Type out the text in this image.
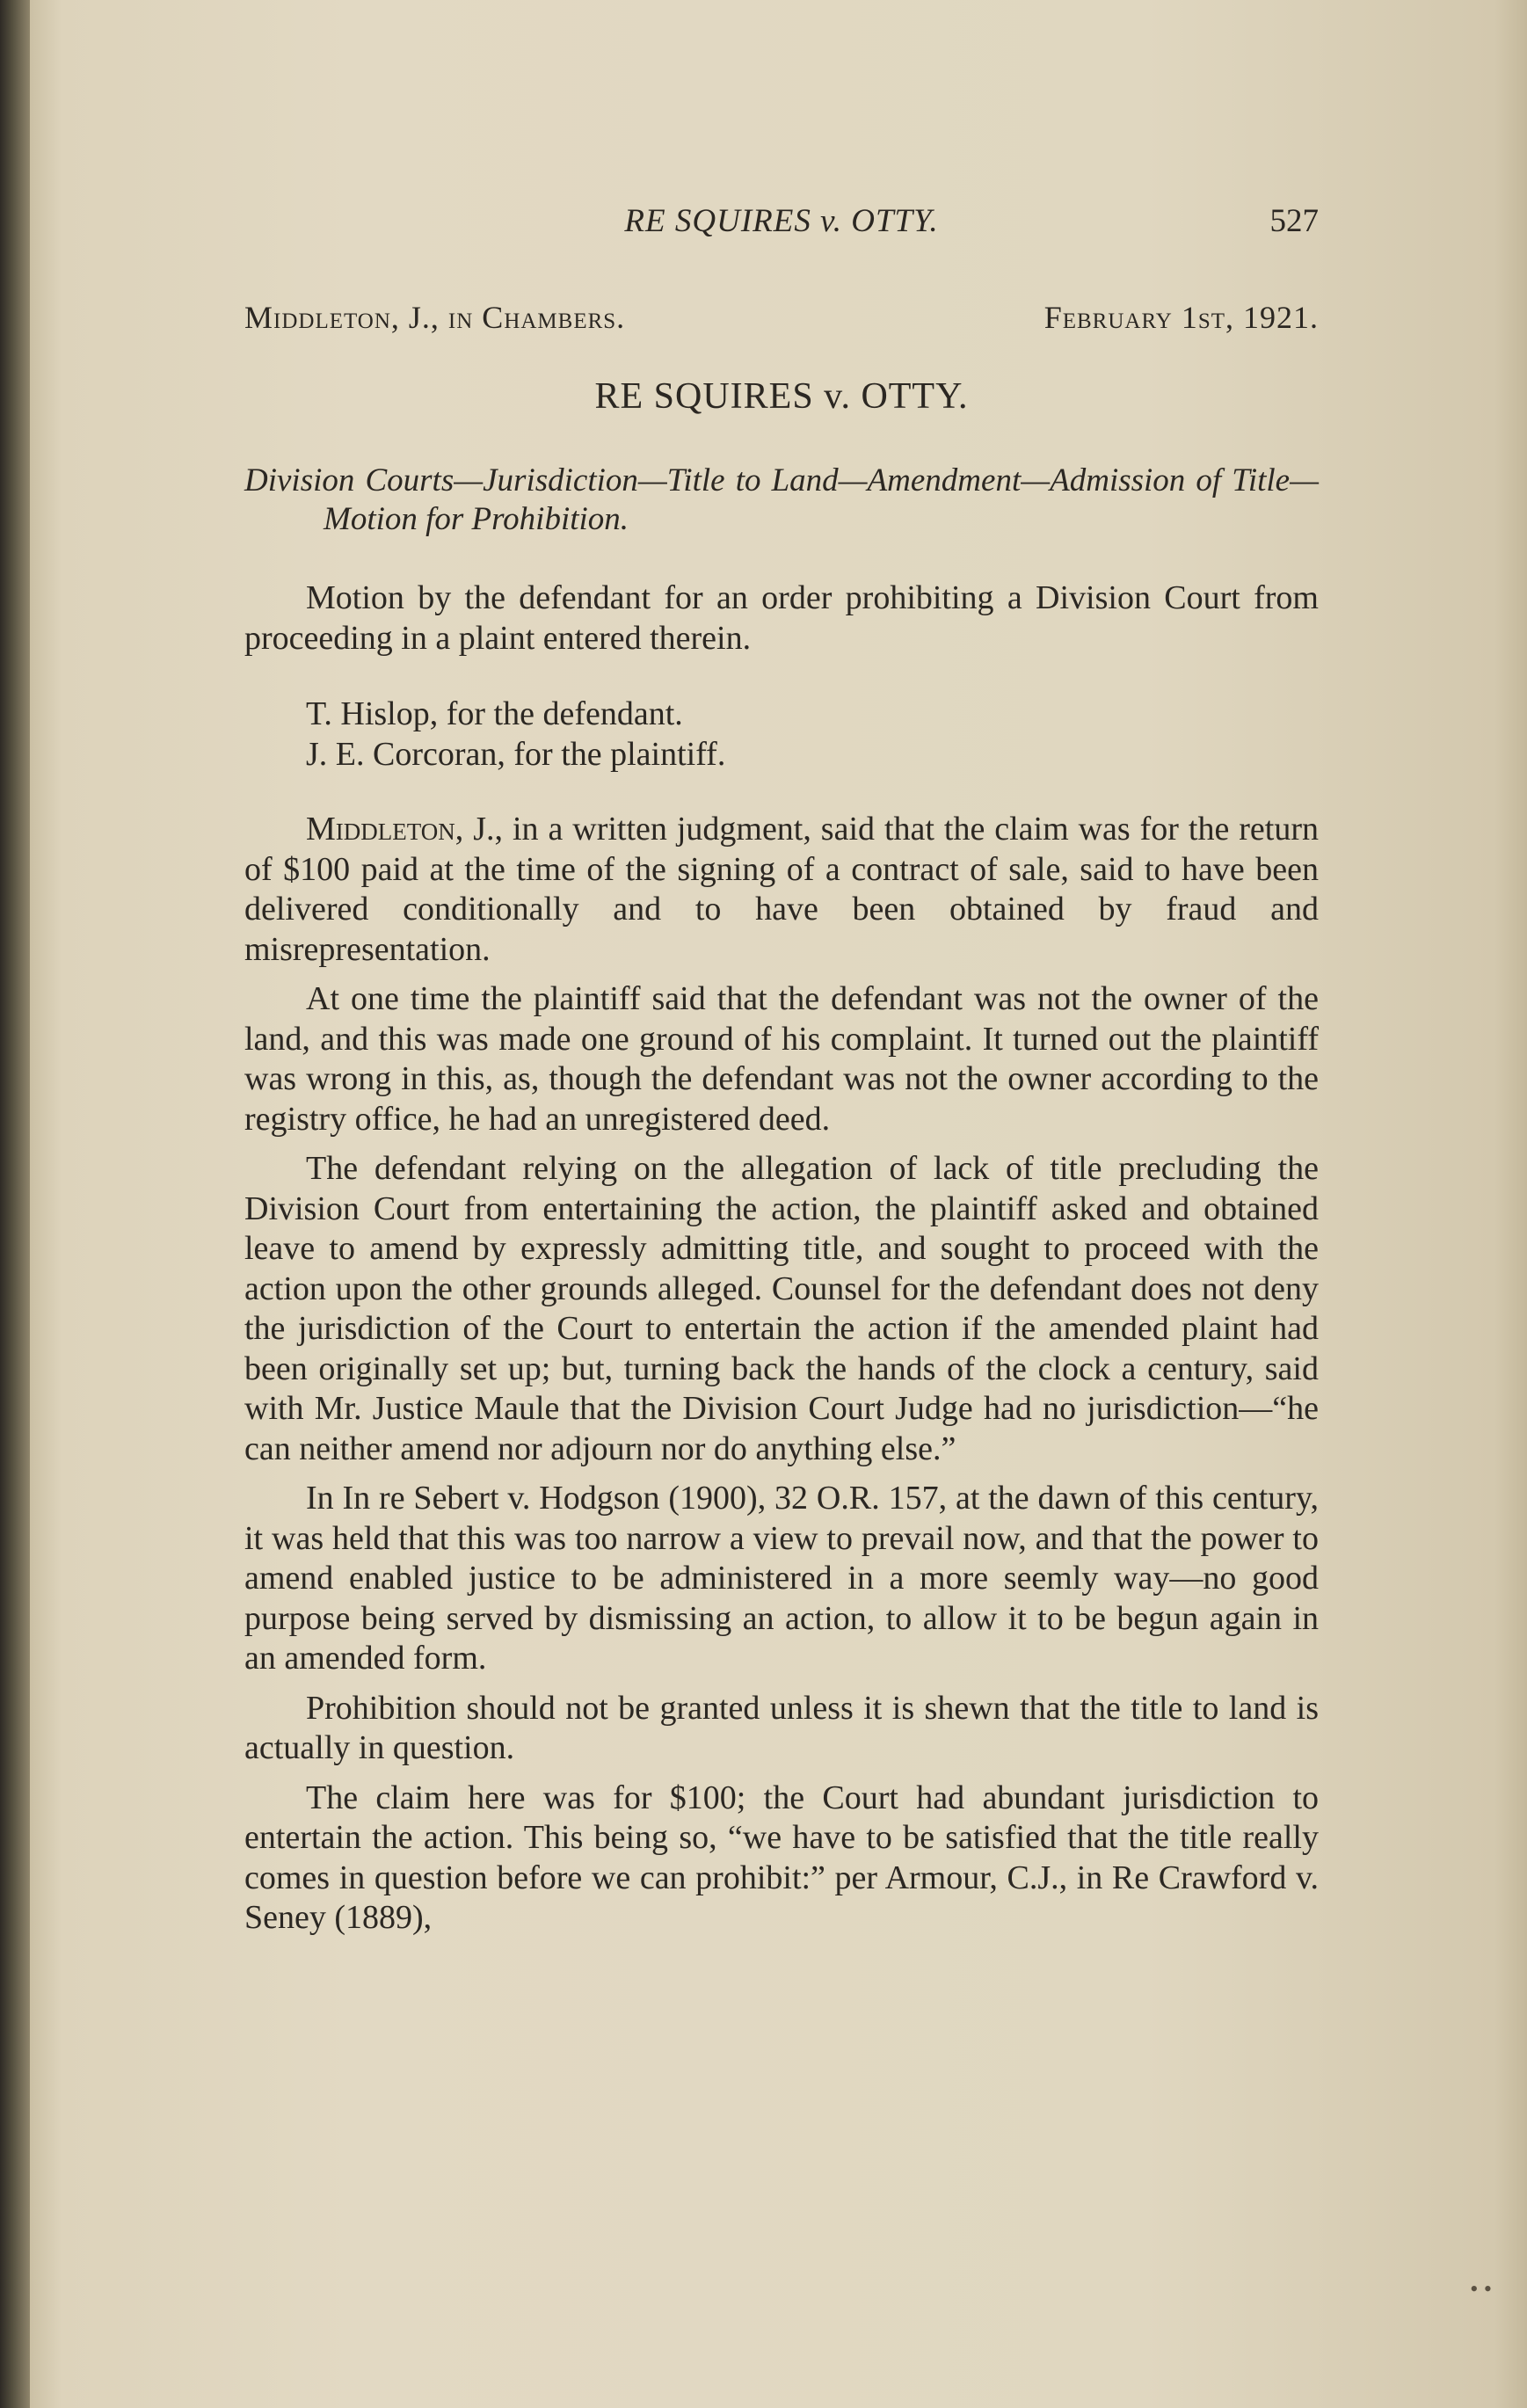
RE SQUIRES v. OTTY.	527
Middleton, J., in Chambers.	February 1st, 1921.
RE SQUIRES v. OTTY.

Division Courts—Jurisdiction—Title to Land—Amendment—Admission of Title—Motion for Prohibition.

Motion by the defendant for an order prohibiting a Division Court from proceeding in a plaint entered therein.

T. Hislop, for the defendant.
J. E. Corcoran, for the plaintiff.

Middleton, J., in a written judgment, said that the claim was for the return of $100 paid at the time of the signing of a contract of sale, said to have been delivered conditionally and to have been obtained by fraud and misrepresentation.

At one time the plaintiff said that the defendant was not the owner of the land, and this was made one ground of his complaint. It turned out the plaintiff was wrong in this, as, though the defendant was not the owner according to the registry office, he had an unregistered deed.

The defendant relying on the allegation of lack of title precluding the Division Court from entertaining the action, the plaintiff asked and obtained leave to amend by expressly admitting title, and sought to proceed with the action upon the other grounds alleged. Counsel for the defendant does not deny the jurisdiction of the Court to entertain the action if the amended plaint had been originally set up; but, turning back the hands of the clock a century, said with Mr. Justice Maule that the Division Court Judge had no jurisdiction—“he can neither amend nor adjourn nor do anything else.”

In In re Sebert v. Hodgson (1900), 32 O.R. 157, at the dawn of this century, it was held that this was too narrow a view to prevail now, and that the power to amend enabled justice to be administered in a more seemly way—no good purpose being served by dismissing an action, to allow it to be begun again in an amended form.

Prohibition should not be granted unless it is shewn that the title to land is actually in question.

The claim here was for $100; the Court had abundant jurisdiction to entertain the action. This being so, “we have to be satisfied that the title really comes in question before we can prohibit:” per Armour, C.J., in Re Crawford v. Seney (1889),

• •
